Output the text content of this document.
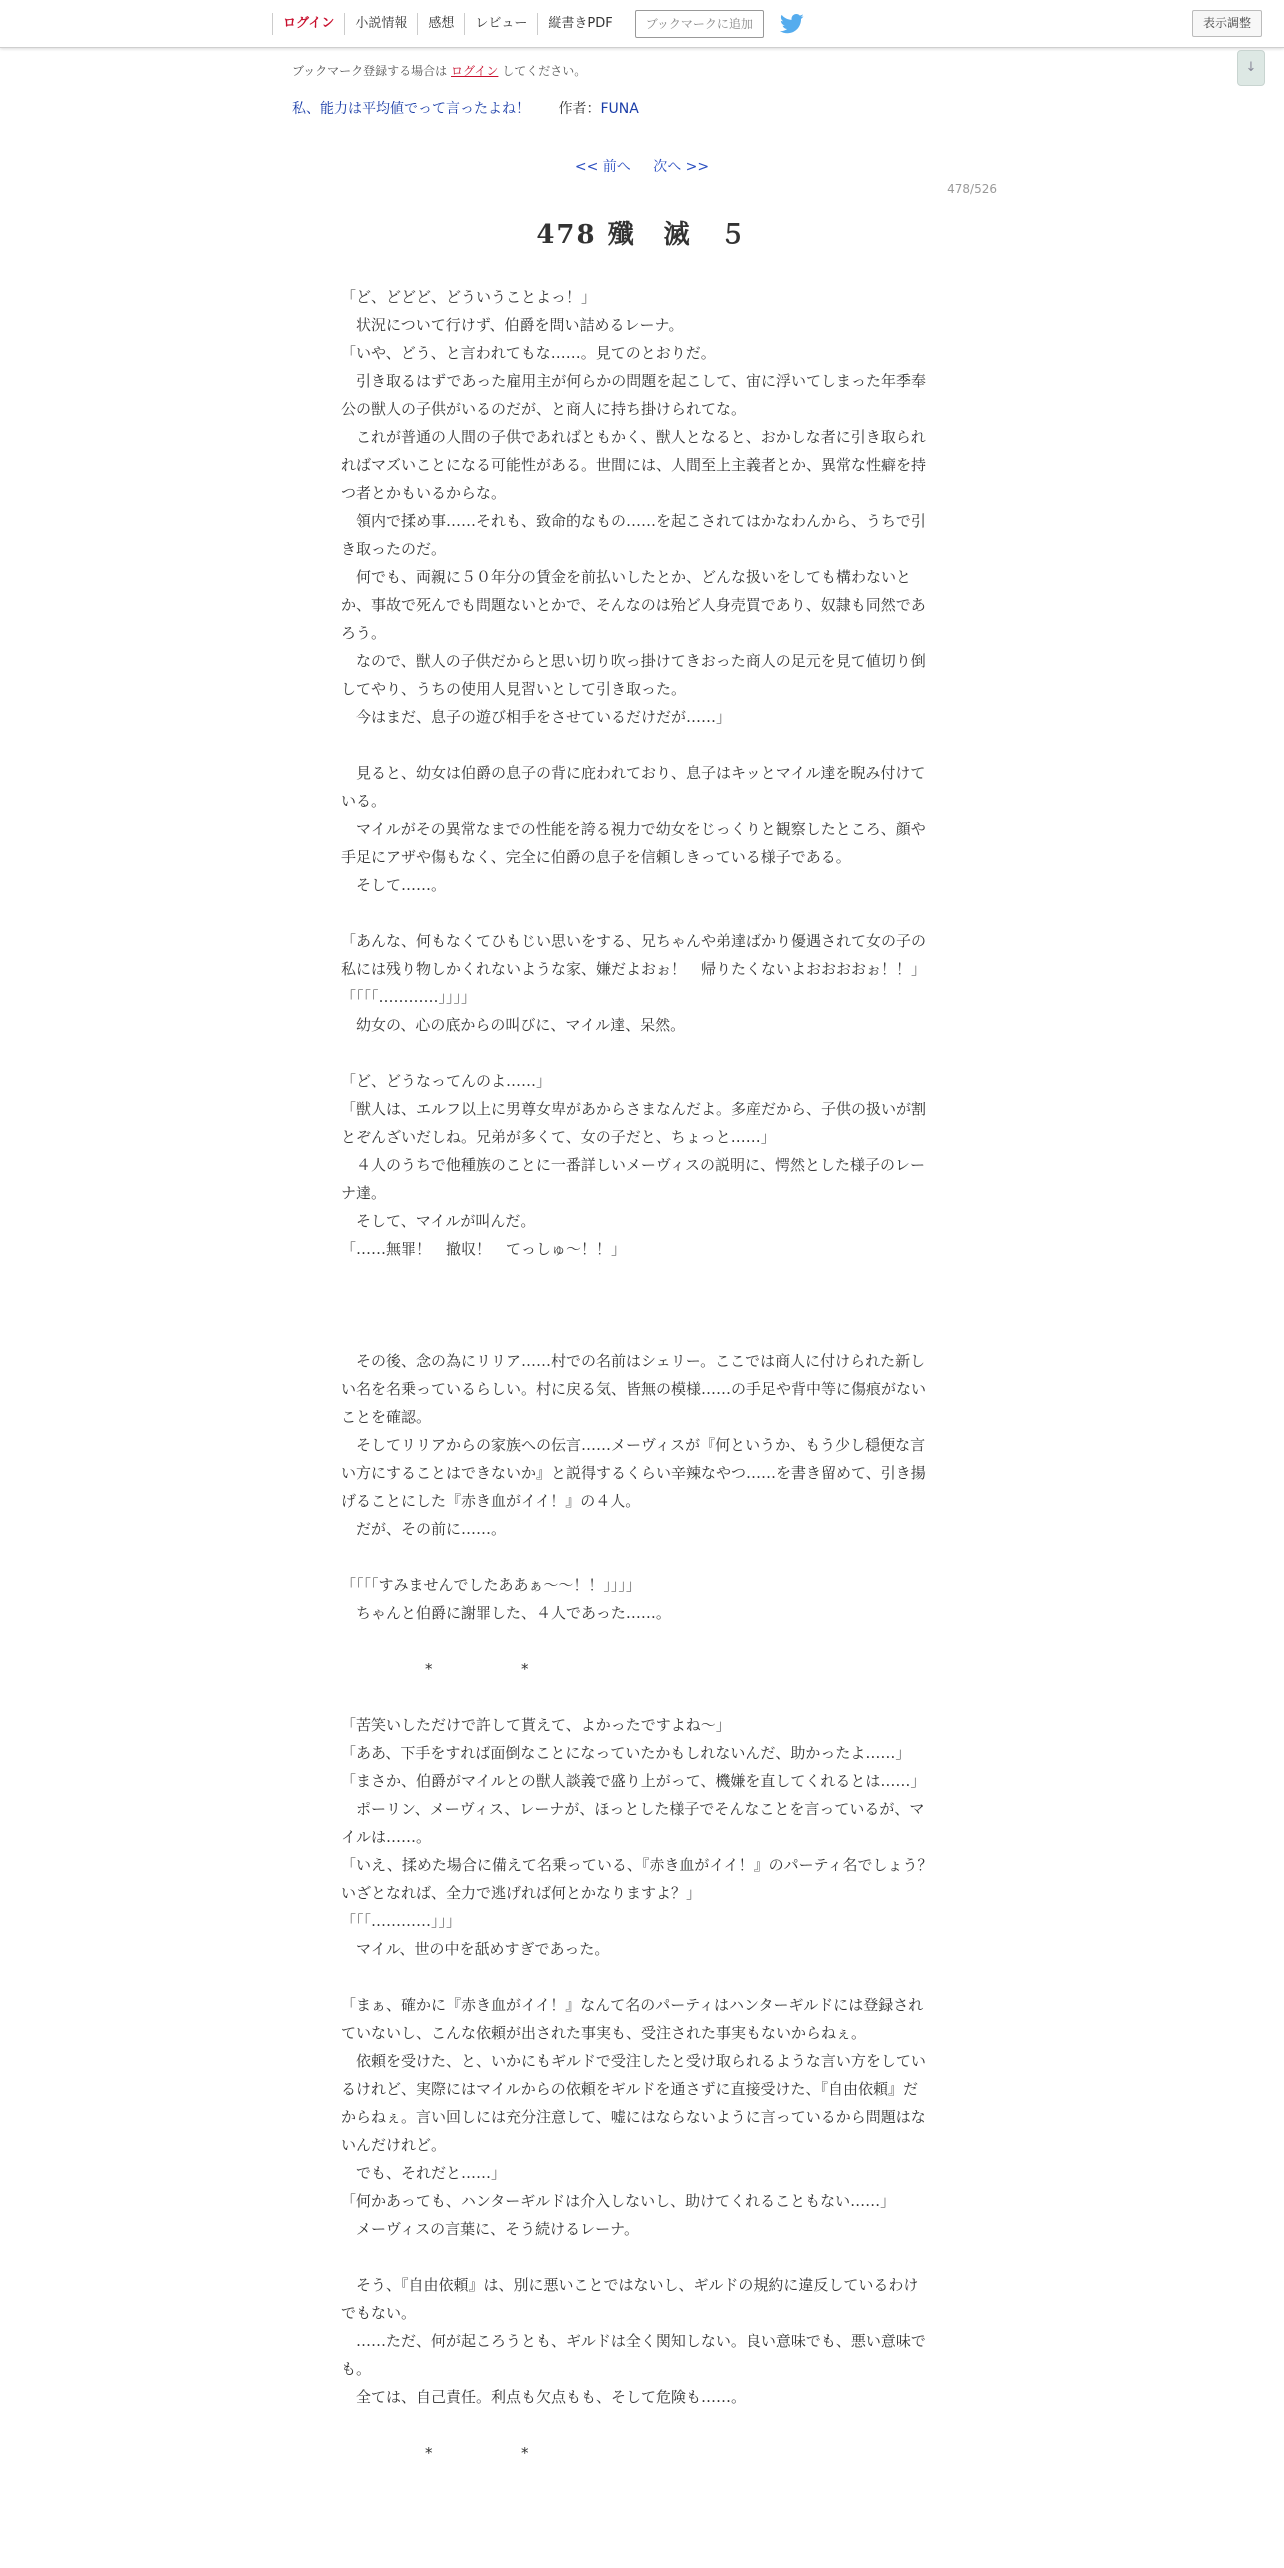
ログイン	小説情報	感想	レビュー	縦書きPDF	ブックマークに追加	表示調整
↓
ブックマーク登録する場合は ログイン してください。
私、能力は平均値でって言ったよね！ 作者：FUNA
<< 前へ 次へ >>
478/526
478 殲　滅　５

「ど、どどど、どういうことよっ！」

　状況について行けず、伯爵を問い詰めるレーナ。

「いや、どう、と言われてもな……。見てのとおりだ。

　引き取るはずであった雇用主が何らかの問題を起こして、宙に浮いてしまった年季奉公の獣人の子供がいるのだが、と商人に持ち掛けられてな。

　これが普通の人間の子供であればともかく、獣人となると、おかしな者に引き取られればマズいことになる可能性がある。世間には、人間至上主義者とか、異常な性癖を持つ者とかもいるからな。

　領内で揉め事……それも、致命的なもの……を起こされてはかなわんから、うちで引き取ったのだ。

　何でも、両親に５０年分の賃金を前払いしたとか、どんな扱いをしても構わないとか、事故で死んでも問題ないとかで、そんなのは殆ど人身売買であり、奴隷も同然であろう。

　なので、獣人の子供だからと思い切り吹っ掛けてきおった商人の足元を見て値切り倒してやり、うちの使用人見習いとして引き取った。

　今はまだ、息子の遊び相手をさせているだけだが……」

　見ると、幼女は伯爵の息子の背に庇われており、息子はキッとマイル達を睨み付けている。

　マイルがその異常なまでの性能を誇る視力で幼女をじっくりと観察したところ、顔や手足にアザや傷もなく、完全に伯爵の息子を信頼しきっている様子である。

　そして……。

「あんな、何もなくてひもじい思いをする、兄ちゃんや弟達ばかり優遇されて女の子の私には残り物しかくれないような家、嫌だよおぉ！　帰りたくないよおおおおぉ！！」

「「「「…………」」」」

　幼女の、心の底からの叫びに、マイル達、呆然。

「ど、どうなってんのよ……」

「獣人は、エルフ以上に男尊女卑があからさまなんだよ。多産だから、子供の扱いが割とぞんざいだしね。兄弟が多くて、女の子だと、ちょっと……」

　４人のうちで他種族のことに一番詳しいメーヴィスの説明に、愕然とした様子のレーナ達。

　そして、マイルが叫んだ。

「……無罪！　撤収！　てっしゅ～！！」

　その後、念の為にリリア……村での名前はシェリー。ここでは商人に付けられた新しい名を名乗っているらしい。村に戻る気、皆無の模様……の手足や背中等に傷痕がないことを確認。

　そしてリリアからの家族への伝言……メーヴィスが『何というか、もう少し穏便な言い方にすることはできないか』と説得するくらい辛辣なやつ……を書き留めて、引き揚げることにした『赤き血がイイ！』の４人。

　だが、その前に……。

「「「「すみませんでしたああぁ～～！！」」」」

　ちゃんと伯爵に謝罪した、４人であった……。

*	*

「苦笑いしただけで許して貰えて、よかったですよね～」

「ああ、下手をすれば面倒なことになっていたかもしれないんだ、助かったよ……」

「まさか、伯爵がマイルとの獣人談義で盛り上がって、機嫌を直してくれるとは……」

　ポーリン、メーヴィス、レーナが、ほっとした様子でそんなことを言っているが、マイルは……。

「いえ、揉めた場合に備えて名乗っている、『赤き血がイイ！』のパーティ名でしょう？　いざとなれば、全力で逃げれば何とかなりますよ？」

「「「…………」」」

　マイル、世の中を舐めすぎであった。

「まぁ、確かに『赤き血がイイ！』なんて名のパーティはハンターギルドには登録されていないし、こんな依頼が出された事実も、受注された事実もないからねぇ。

　依頼を受けた、と、いかにもギルドで受注したと受け取られるような言い方をしているけれど、実際にはマイルからの依頼をギルドを通さずに直接受けた、『自由依頼』だからねぇ。言い回しには充分注意して、嘘にはならないように言っているから問題はないんだけれど。

　でも、それだと……」

「何かあっても、ハンターギルドは介入しないし、助けてくれることもない……」

　メーヴィスの言葉に、そう続けるレーナ。

　そう、『自由依頼』は、別に悪いことではないし、ギルドの規約に違反しているわけでもない。

　……ただ、何が起ころうとも、ギルドは全く関知しない。良い意味でも、悪い意味でも。

　全ては、自己責任。利点も欠点もも、そして危険も……。

*	*
